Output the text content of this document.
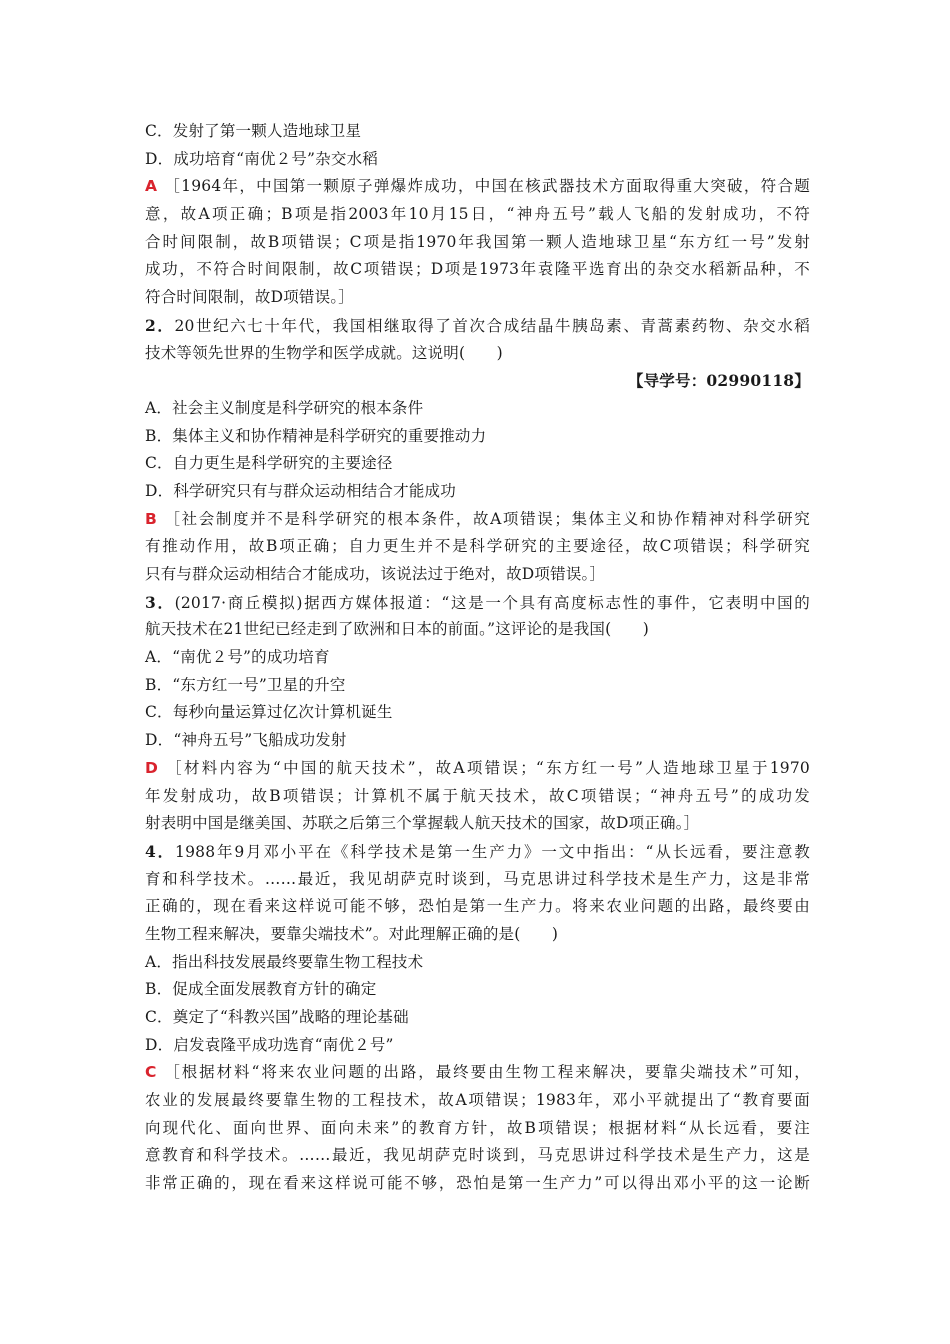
C．发射了第一颗人造地球卫星
D．成功培育“南优２号”杂交水稻
A ［1964年，中国第一颗原子弹爆炸成功，中国在核武器技术方面取得重大突破，符合题
意，故A项正确；B项是指2003年10月15日，“神舟五号”载人飞船的发射成功，不符
合时间限制，故B项错误；C项是指1970年我国第一颗人造地球卫星“东方红一号”发射
成功，不符合时间限制，故C项错误；D项是1973年袁隆平选育出的杂交水稻新品种，不
符合时间限制，故D项错误。］
2．20世纪六七十年代，我国相继取得了首次合成结晶牛胰岛素、青蒿素药物、杂交水稻
技术等领先世界的生物学和医学成就。这说明(　　)
【导学号：02990118】
A．社会主义制度是科学研究的根本条件
B．集体主义和协作精神是科学研究的重要推动力
C．自力更生是科学研究的主要途径
D．科学研究只有与群众运动相结合才能成功
B ［社会制度并不是科学研究的根本条件，故A项错误；集体主义和协作精神对科学研究
有推动作用，故B项正确；自力更生并不是科学研究的主要途径，故C项错误；科学研究
只有与群众运动相结合才能成功，该说法过于绝对，故D项错误。］
3．(2017·商丘模拟)据西方媒体报道：“这是一个具有高度标志性的事件，它表明中国的
航天技术在21世纪已经走到了欧洲和日本的前面。”这评论的是我国(　　)
A．“南优２号”的成功培育
B．“东方红一号”卫星的升空
C．每秒向量运算过亿次计算机诞生
D．“神舟五号”飞船成功发射
D ［材料内容为“中国的航天技术”，故A项错误；“东方红一号”人造地球卫星于1970
年发射成功，故B项错误；计算机不属于航天技术，故C项错误；“神舟五号”的成功发
射表明中国是继美国、苏联之后第三个掌握载人航天技术的国家，故D项正确。］
4．1988年9月邓小平在《科学技术是第一生产力》一文中指出：“从长远看，要注意教
育和科学技术。……最近，我见胡萨克时谈到，马克思讲过科学技术是生产力，这是非常
正确的，现在看来这样说可能不够，恐怕是第一生产力。将来农业问题的出路，最终要由
生物工程来解决，要靠尖端技术”。对此理解正确的是(　　)
A．指出科技发展最终要靠生物工程技术
B．促成全面发展教育方针的确定
C．奠定了“科教兴国”战略的理论基础
D．启发袁隆平成功选育“南优２号”
C ［根据材料“将来农业问题的出路，最终要由生物工程来解决，要靠尖端技术”可知，
农业的发展最终要靠生物的工程技术，故A项错误；1983年，邓小平就提出了“教育要面
向现代化、面向世界、面向未来”的教育方针，故B项错误；根据材料“从长远看，要注
意教育和科学技术。……最近，我见胡萨克时谈到，马克思讲过科学技术是生产力，这是
非常正确的，现在看来这样说可能不够，恐怕是第一生产力”可以得出邓小平的这一论断
